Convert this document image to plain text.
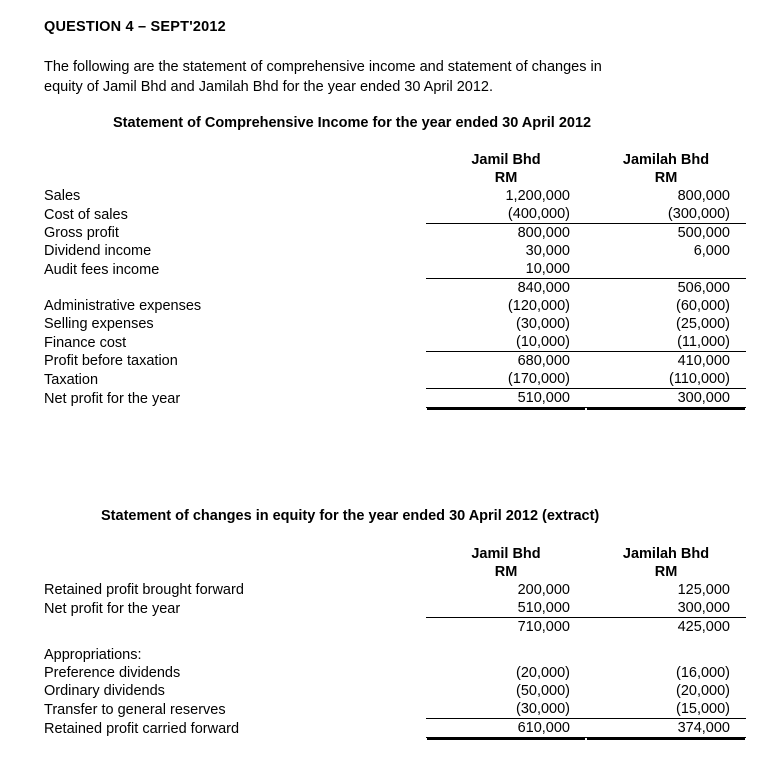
QUESTION 4 – SEPT'2012
The following are the statement of comprehensive income and statement of changes in
equity of Jamil Bhd and Jamilah Bhd for the year ended 30 April 2012.
Statement of Comprehensive Income for the year ended 30 April 2012
	Jamil Bhd	Jamilah Bhd
	RM	RM
Sales	1,200,000	800,000
Cost of sales	(400,000)	(300,000)
Gross profit	800,000	500,000
Dividend income	30,000	6,000
Audit fees income	10,000	
	840,000	506,000
Administrative expenses	(120,000)	(60,000)
Selling expenses	(30,000)	(25,000)
Finance cost	(10,000)	(11,000)
Profit before taxation	680,000	410,000
Taxation	(170,000)	(110,000)
Net profit for the year	510,000	300,000
Statement of changes in equity for the year ended 30 April 2012 (extract)
	Jamil Bhd	Jamilah Bhd
	RM	RM
Retained profit brought forward	200,000	125,000
Net profit for the year	510,000	300,000
	710,000	425,000

Appropriations:		
Preference dividends	(20,000)	(16,000)
Ordinary dividends	(50,000)	(20,000)
Transfer to general reserves	(30,000)	(15,000)
Retained profit carried forward	610,000	374,000
